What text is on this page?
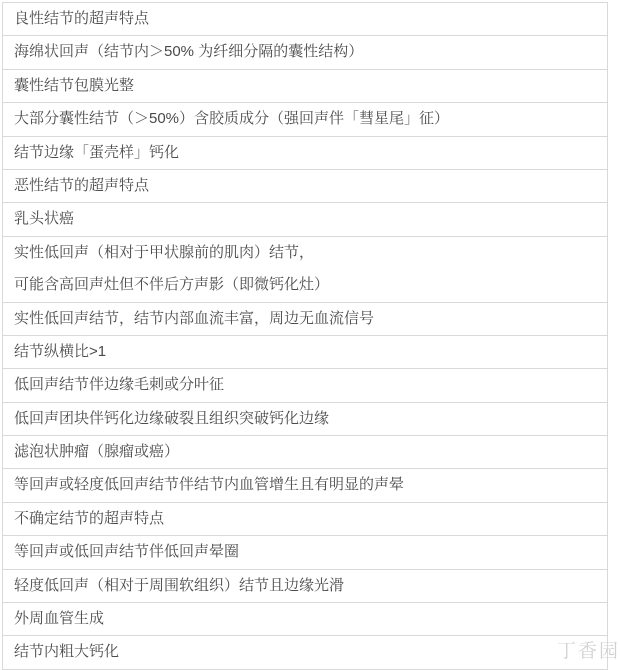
良性结节的超声特点
海绵状回声（结节内＞50% 为纤细分隔的囊性结构）
囊性结节包膜光整
大部分囊性结节（＞50%）含胶质成分（强回声伴「彗星尾」征）
结节边缘「蛋壳样」钙化
恶性结节的超声特点
乳头状癌
实性低回声（相对于甲状腺前的肌肉）结节，
可能含高回声灶但不伴后方声影（即微钙化灶）
实性低回声结节，结节内部血流丰富，周边无血流信号
结节纵横比>1
低回声结节伴边缘毛刺或分叶征
低回声团块伴钙化边缘破裂且组织突破钙化边缘
滤泡状肿瘤（腺瘤或癌）
等回声或轻度低回声结节伴结节内血管增生且有明显的声晕
不确定结节的超声特点
等回声或低回声结节伴低回声晕圈
轻度低回声（相对于周围软组织）结节且边缘光滑
外周血管生成
结节内粗大钙化	丁香园
